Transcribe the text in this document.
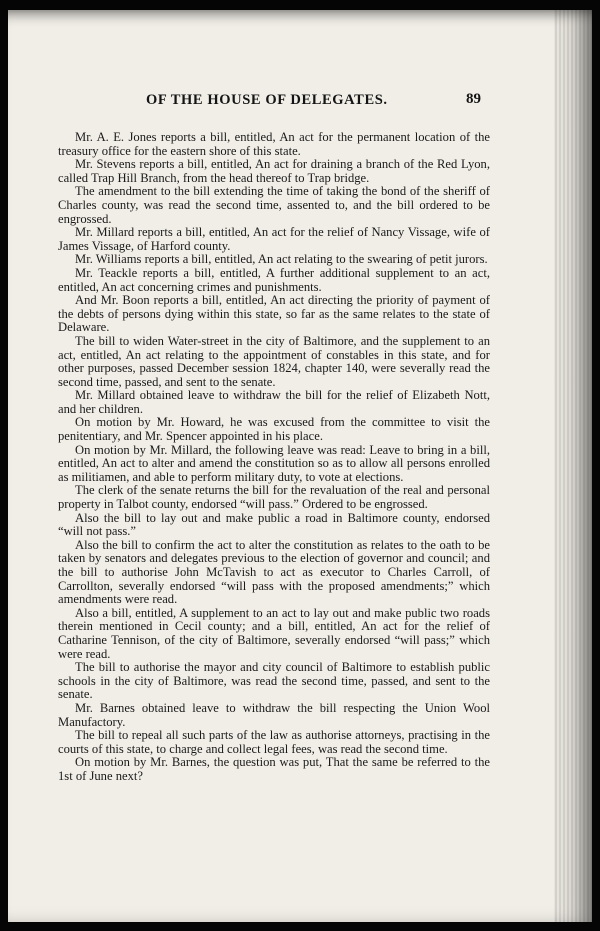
OF THE HOUSE OF DELEGATES.	89

Mr. A. E. Jones reports a bill, entitled, An act for the permanent location of the treasury office for the eastern shore of this state.

Mr. Stevens reports a bill, entitled, An act for draining a branch of the Red Lyon, called Trap Hill Branch, from the head thereof to Trap bridge.

The amendment to the bill extending the time of taking the bond of the sheriff of Charles county, was read the second time, assented to, and the bill ordered to be engrossed.

Mr. Millard reports a bill, entitled, An act for the relief of Nancy Vissage, wife of James Vissage, of Harford county.

Mr. Williams reports a bill, entitled, An act relating to the swearing of petit jurors.

Mr. Teackle reports a bill, entitled, A further additional supplement to an act, entitled, An act concerning crimes and punishments.

And Mr. Boon reports a bill, entitled, An act directing the priority of payment of the debts of persons dying within this state, so far as the same relates to the state of Delaware.

The bill to widen Water-street in the city of Baltimore, and the supplement to an act, entitled, An act relating to the appointment of constables in this state, and for other purposes, passed December session 1824, chapter 140, were severally read the second time, passed, and sent to the senate.

Mr. Millard obtained leave to withdraw the bill for the relief of Elizabeth Nott, and her children.

On motion by Mr. Howard, he was excused from the committee to visit the penitentiary, and Mr. Spencer appointed in his place.

On motion by Mr. Millard, the following leave was read: Leave to bring in a bill, entitled, An act to alter and amend the constitution so as to allow all persons enrolled as militiamen, and able to perform military duty, to vote at elections.

The clerk of the senate returns the bill for the revaluation of the real and personal property in Talbot county, endorsed “will pass.” Ordered to be engrossed.

Also the bill to lay out and make public a road in Baltimore county, endorsed “will not pass.”

Also the bill to confirm the act to alter the constitution as relates to the oath to be taken by senators and delegates previous to the election of governor and council; and the bill to authorise John McTavish to act as executor to Charles Carroll, of Carrollton, severally endorsed “will pass with the proposed amendments;” which amendments were read.

Also a bill, entitled, A supplement to an act to lay out and make public two roads therein mentioned in Cecil county; and a bill, entitled, An act for the relief of Catharine Tennison, of the city of Baltimore, severally endorsed “will pass;” which were read.

The bill to authorise the mayor and city council of Baltimore to establish public schools in the city of Baltimore, was read the second time, passed, and sent to the senate.

Mr. Barnes obtained leave to withdraw the bill respecting the Union Wool Manufactory.

The bill to repeal all such parts of the law as authorise attorneys, practising in the courts of this state, to charge and collect legal fees, was read the second time.

On motion by Mr. Barnes, the question was put, That the same be referred to the 1st of June next?
